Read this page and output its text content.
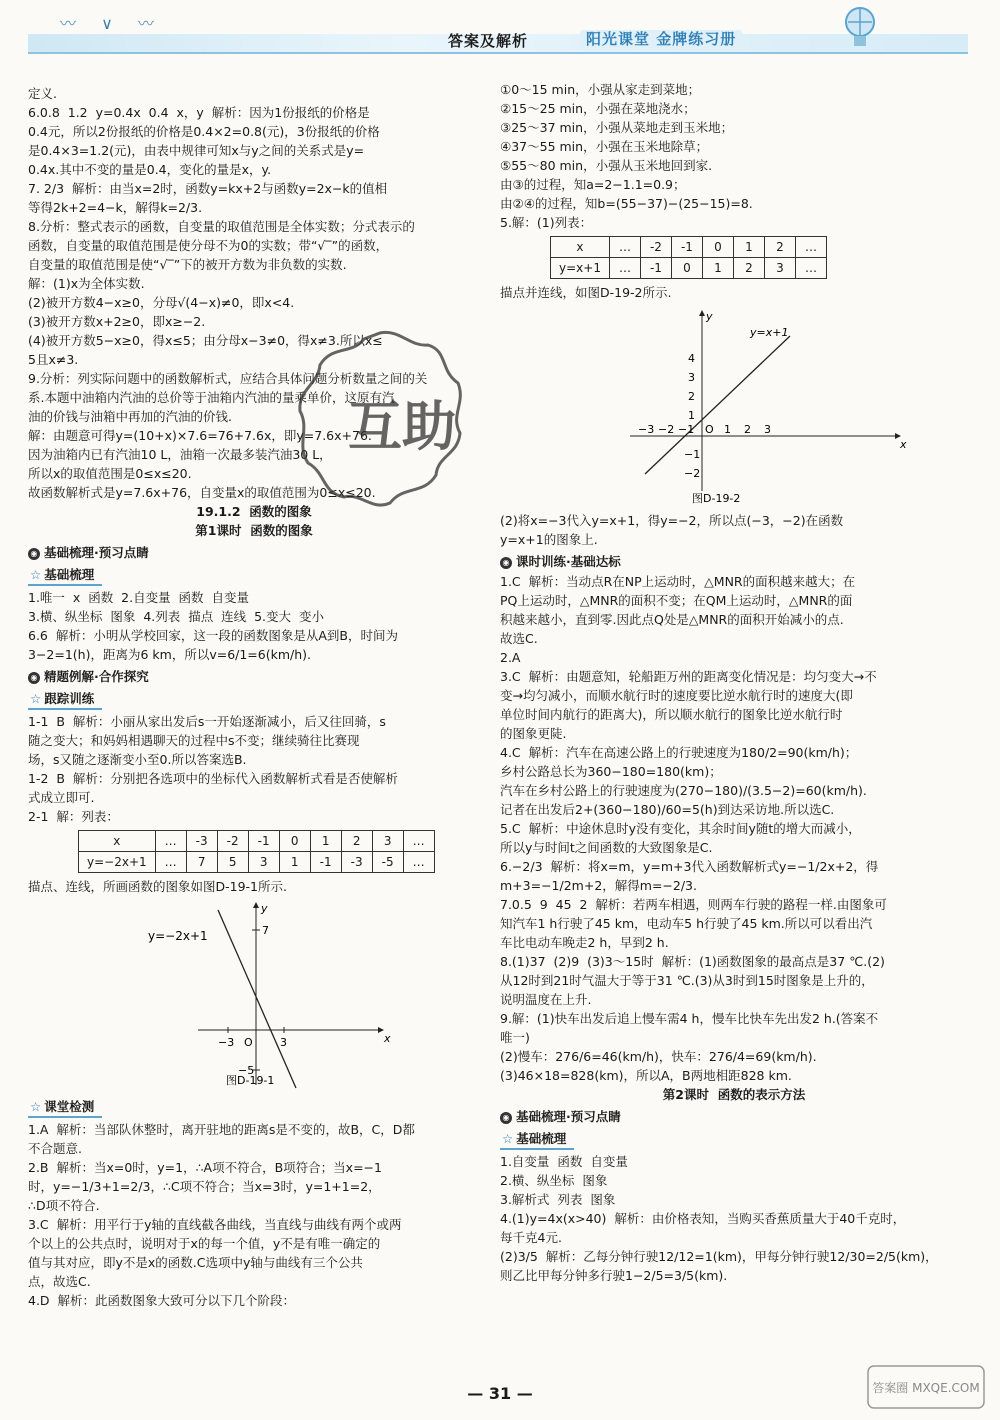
〰 ∨ 〰
答案及解析	阳光课堂 金牌练习册
定义.
6.0.8  1.2  y=0.4x  0.4  x，y  解析：因为1份报纸的价格是
0.4元，所以2份报纸的价格是0.4×2=0.8(元)，3份报纸的价格
是0.4×3=1.2(元)，由表中规律可知x与y之间的关系式是y=
0.4x.其中不变的量是0.4，变化的量是x，y.
7. 2/3  解析：由当x=2时，函数y=kx+2与函数y=2x−k的值相
等得2k+2=4−k，解得k=2/3.
8.分析：整式表示的函数，自变量的取值范围是全体实数；分式表示的
函数，自变量的取值范围是使分母不为0的实数；带“√‾”的函数，
自变量的取值范围是使“√‾”下的被开方数为非负数的实数.
解：(1)x为全体实数.
(2)被开方数4−x≥0，分母√(4−x)≠0，即x<4.
(3)被开方数x+2≥0，即x≥−2.
(4)被开方数5−x≥0，得x≤5；由分母x−3≠0，得x≠3.所以x≤
5且x≠3.
9.分析：列实际问题中的函数解析式，应结合具体问题分析数量之间的关
系.本题中油箱内汽油的总价等于油箱内汽油的量乘单价，这原有汽
油的价钱与油箱中再加的汽油的价钱.
解：由题意可得y=(10+x)×7.6=76+7.6x，即y=7.6x+76.
因为油箱内已有汽油10 L，油箱一次最多装汽油30 L，
所以x的取值范围是0≤x≤20.
故函数解析式是y=7.6x+76，自变量x的取值范围为0≤x≤20.
19.1.2  函数的图象
第1课时  函数的图象
◉ 基础梳理·预习点睛
☆ 基础梳理
1.唯一  x  函数  2.自变量  函数  自变量
3.横、纵坐标  图象  4.列表  描点  连线  5.变大  变小
6.6  解析：小明从学校回家，这一段的函数图象是从A到B，时间为
3−2=1(h)，距离为6 km，所以v=6/1=6(km/h).
◉ 精题例解·合作探究
☆ 跟踪训练
1-1  B  解析：小丽从家出发后s一开始逐渐减小，后又往回骑，s
随之变大；和妈妈相遇聊天的过程中s不变；继续骑往比赛现
场，s又随之逐渐变小至0.所以答案选B.
1-2  B  解析：分别把各选项中的坐标代入函数解析式看是否使解析
式成立即可.
2-1  解：列表：
x	…	-3	-2	-1	0	1	2	3	…
y=−2x+1	…	7	5	3	1	-1	-3	-5	…
描点、连线，所画函数的图象如图D-19-1所示.
y=−2x+1	7
−3 O 3
−5
x
y
图D-19-1
☆ 课堂检测
1.A  解析：当部队休整时，离开驻地的距离s是不变的，故B，C，D都
不合题意.
2.B  解析：当x=0时，y=1，∴A项不符合，B项符合；当x=−1
时，y=−1/3+1=2/3，∴C项不符合；当x=3时，y=1+1=2，
∴D项不符合.
3.C  解析：用平行于y轴的直线截各曲线，当直线与曲线有两个或两
个以上的公共点时，说明对于x的每一个值，y不是有唯一确定的
值与其对应，即y不是x的函数.C选项中y轴与曲线有三个公共
点，故选C.
4.D  解析：此函数图象大致可分以下几个阶段：
①0～15 min，小强从家走到菜地；
②15～25 min，小强在菜地浇水；
③25～37 min，小强从菜地走到玉米地；
④37～55 min，小强在玉米地除草；
⑤55～80 min，小强从玉米地回到家.
由③的过程，知a=2−1.1=0.9；
由②④的过程，知b=(55−37)−(25−15)=8.
5.解：(1)列表：
x	…	-2	-1	0	1	2	…
y=x+1	…	-1	0	1	2	3	…
描点并连线，如图D-19-2所示.
y=x+1
y
x
4
3
2
1
−1
−2
−3 −2 −1 O 1 2 3
图D-19-2
(2)将x=−3代入y=x+1，得y=−2，所以点(−3，−2)在函数
y=x+1的图象上.
◉ 课时训练·基础达标
1.C  解析：当动点R在NP上运动时，△MNR的面积越来越大；在
PQ上运动时，△MNR的面积不变；在QM上运动时，△MNR的面
积越来越小，直到零.因此点Q处是△MNR的面积开始减小的点.
故选C.
2.A
3.C  解析：由题意知，轮船距万州的距离变化情况是：均匀变大→不
变→均匀减小，而顺水航行时的速度要比逆水航行时的速度大(即
单位时间内航行的距离大)，所以顺水航行的图象比逆水航行时
的图象更陡.
4.C  解析：汽车在高速公路上的行驶速度为180/2=90(km/h)；
乡村公路总长为360−180=180(km)；
汽车在乡村公路上的行驶速度为(270−180)/(3.5−2)=60(km/h).
记者在出发后2+(360−180)/60=5(h)到达采访地.所以选C.
5.C  解析：中途休息时y没有变化，其余时间y随t的增大而减小，
所以y与时间t之间函数的大致图象是C.
6.−2/3  解析：将x=m，y=m+3代入函数解析式y=−1/2x+2，得
m+3=−1/2m+2，解得m=−2/3.
7.0.5  9  45  2  解析：若两车相遇，则两车行驶的路程一样.由图象可
知汽车1 h行驶了45 km，电动车5 h行驶了45 km.所以可以看出汽
车比电动车晚走2 h，早到2 h.
8.(1)37  (2)9  (3)3～15时  解析：(1)函数图象的最高点是37 ℃.(2)
从12时到21时气温大于等于31 ℃.(3)从3时到15时图象是上升的，
说明温度在上升.
9.解：(1)快车出发后追上慢车需4 h，慢车比快车先出发2 h.(答案不
唯一)
(2)慢车：276/6=46(km/h)，快车：276/4=69(km/h).
(3)46×18=828(km)，所以A，B两地相距828 km.
第2课时  函数的表示方法
◉ 基础梳理·预习点睛
☆ 基础梳理
1.自变量  函数  自变量
2.横、纵坐标  图象
3.解析式  列表  图象
4.(1)y=4x(x>40)  解析：由价格表知，当购买香蕉质量大于40千克时，
每千克4元.
(2)3/5  解析：乙每分钟行驶12/12=1(km)，甲每分钟行驶12/30=2/5(km)，
则乙比甲每分钟多行驶1−2/5=3/5(km).
互助
— 31 —	答案圈 MXQE.COM
